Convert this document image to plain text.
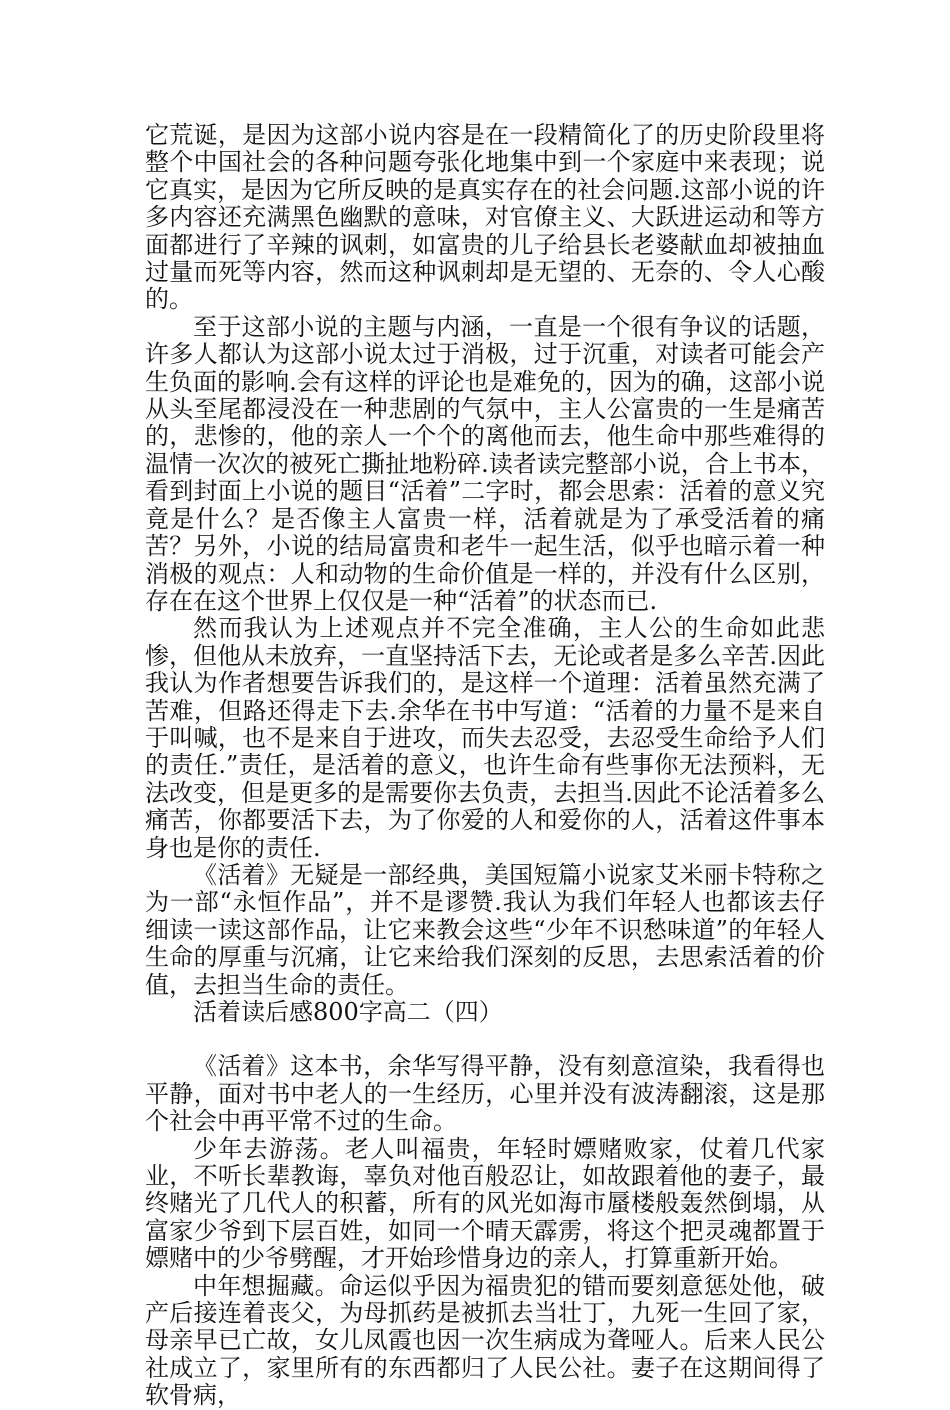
它荒诞，是因为这部小说内容是在一段精简化了的历史阶段里将整个中国社会的各种问题夸张化地集中到一个家庭中来表现；说它真实，是因为它所反映的是真实存在的社会问题.这部小说的许多内容还充满黑色幽默的意味，对官僚主义、大跃进运动和等方面都进行了辛辣的讽刺，如富贵的儿子给县长老婆献血却被抽血过量而死等内容，然而这种讽刺却是无望的、无奈的、令人心酸的。

至于这部小说的主题与内涵，一直是一个很有争议的话题，许多人都认为这部小说太过于消极，过于沉重，对读者可能会产生负面的影响.会有这样的评论也是难免的，因为的确，这部小说从头至尾都浸没在一种悲剧的气氛中，主人公富贵的一生是痛苦的，悲惨的，他的亲人一个个的离他而去，他生命中那些难得的温情一次次的被死亡撕扯地粉碎.读者读完整部小说，合上书本，看到封面上小说的题目“活着”二字时，都会思索：活着的意义究竟是什么？是否像主人富贵一样，活着就是为了承受活着的痛苦？另外，小说的结局富贵和老牛一起生活，似乎也暗示着一种消极的观点：人和动物的生命价值是一样的，并没有什么区别，存在在这个世界上仅仅是一种“活着”的状态而已.

然而我认为上述观点并不完全准确，主人公的生命如此悲惨，但他从未放弃，一直坚持活下去，无论或者是多么辛苦.因此我认为作者想要告诉我们的，是这样一个道理：活着虽然充满了苦难，但路还得走下去.余华在书中写道：“活着的力量不是来自于叫喊，也不是来自于进攻，而失去忍受，去忍受生命给予人们的责任.”责任，是活着的意义，也许生命有些事你无法预料，无法改变，但是更多的是需要你去负责，去担当.因此不论活着多么痛苦，你都要活下去，为了你爱的人和爱你的人，活着这件事本身也是你的责任.

《活着》无疑是一部经典，美国短篇小说家艾米丽卡特称之为一部“永恒作品”，并不是谬赞.我认为我们年轻人也都该去仔细读一读这部作品，让它来教会这些“少年不识愁味道”的年轻人生命的厚重与沉痛，让它来给我们深刻的反思，去思索活着的价值，去担当生命的责任。

活着读后感800字高二（四）

《活着》这本书，余华写得平静，没有刻意渲染，我看得也平静，面对书中老人的一生经历，心里并没有波涛翻滚，这是那个社会中再平常不过的生命。

少年去游荡。老人叫福贵，年轻时嫖赌败家，仗着几代家业，不听长辈教诲，辜负对他百般忍让，如故跟着他的妻子，最终赌光了几代人的积蓄，所有的风光如海市蜃楼般轰然倒塌，从富家少爷到下层百姓，如同一个晴天霹雳，将这个把灵魂都置于嫖赌中的少爷劈醒，才开始珍惜身边的亲人，打算重新开始。

中年想掘藏。命运似乎因为福贵犯的错而要刻意惩处他，破产后接连着丧父，为母抓药是被抓去当壮丁，九死一生回了家，母亲早已亡故，女儿凤霞也因一次生病成为聋哑人。后来人民公社成立了，家里所有的东西都归了人民公社。妻子在这期间得了软骨病，
